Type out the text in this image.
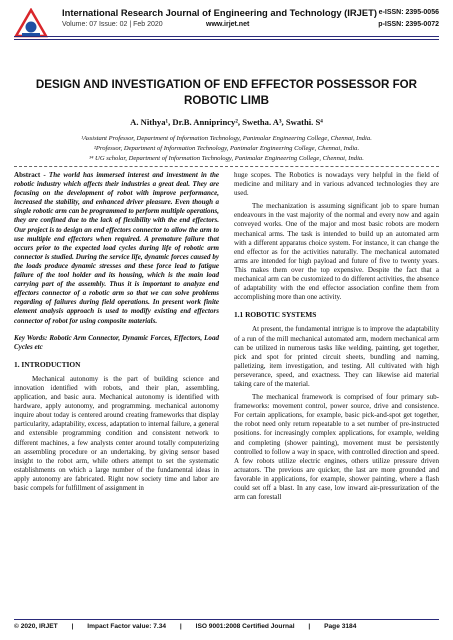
International Research Journal of Engineering and Technology (IRJET)
Volume: 07 Issue: 02 | Feb 2020	www.irjet.net
e-ISSN: 2395-0056
p-ISSN: 2395-0072
DESIGN AND INVESTIGATION OF END EFFECTOR POSSESSOR FOR ROBOTIC LIMB
A. Nithya¹, Dr.B. Anniprincy², Swetha. A³, Swathi. S⁴
¹Assistant Professor, Department of Information Technology, Panimalar Engineering College, Chennai, India.
²Professor, Department of Information Technology, Panimalar Engineering College, Chennai, India.
³⁴ UG scholar, Department of Information Technology, Panimalar Engineering College, Chennai, India.

Abstract - The world has immersed interest and investment in the robotic industry which affects their industries a great deal. They are focusing on the development of robot with improve performance, increased the stability, and enhanced driver pleasure. Even though a single robotic arm can be programmed to perform multiple operations, they are confined due to the lack of flexibility with the end effectors. Our project is to design an end effectors connector to allow the arm to use multiple end effectors when required. A premature failure that occurs prior to the expected load cycles during life of robotic arm connector is studied. During the service life, dynamic forces caused by the loads produce dynamic stresses and these force lead to fatigue failure of the tool holder and its housing, which is the main load carrying part of the assembly. Thus it is important to analyze end effectors connector of a robotic arm so that we can solve problems regarding of failures during field operations. In present work finite element analysis approach is used to modify existing end effectors connector of robot for using composite materials.

Key Words: Robotic Arm Connector, Dynamic Forces, Effectors, Load Cycles etc

1. INTRODUCTION

Mechanical autonomy is the part of building science and innovation identified with robots, and their plan, assembling, application, and basic aura. Mechanical autonomy is identified with hardware, apply autonomy, and programming. mechanical autonomy inquire about today is centered around creating frameworks that display particularity, adaptability, excess, adaptation to internal failure, a general and extensible programming condition and consistent network to different machines, a few analysts center around totally computerizing an assembling procedure or an undertaking, by giving sensor based insight to the robot arm, while others attempt to set the systematic establishments on which a large number of the fundamental ideas in apply autonomy are fabricated. Right now society time and labor are basic compels for fulfillment of assignment in

huge scopes. The Robotics is nowadays very helpful in the field of medicine and military and in various advanced technologies they are used.

The mechanization is assuming significant job to spare human endeavours in the vast majority of the normal and every now and again conveyed works. One of the major and most basic robots are modern mechanical arms. The task is intended to build up an automated arm with a different apparatus choice system. For instance, it can change the end effector as for the activities naturally. The mechanical automated arms are intended for high payload and future of five to twenty years. This makes them over the top expensive. Despite the fact that a mechanical arm can be customized to do different activities, the absence of adaptability with the end effector association confine them from accomplishing more than one activity.

1.1 ROBOTIC SYSTEMS

At present, the fundamental intrigue is to improve the adaptability of a run of the mill mechanical automated arm, modern mechanical arm can be utilized in numerous tasks like welding, painting, get together, pick and spot for printed circuit sheets, bundling and naming, palletizing, item investigation, and testing. All cultivated with high perseverance, speed, and exactness. They can likewise aid material taking care of the material.

The mechanical framework is comprised of four primary sub-frameworks: movement control, power source, drive and consistence. For certain applications, for example, basic pick-and-spot get together, the robot need only return repeatable to a set number of pre-instructed positions. for increasingly complex applications, for example, welding and completing (shower painting), movement must be persistently controlled to follow a way in space, with controlled direction and speed. A few robots utilize electric engines, others utilize pressure driven actuators. The previous are quicker, the last are more grounded and favorable in applications, for example, shower painting, where a flash could set off a blast. In any case, low inward air-pressurization of the arm can forestall

© 2020, IRJET | Impact Factor value: 7.34 | ISO 9001:2008 Certified Journal | Page 3184
